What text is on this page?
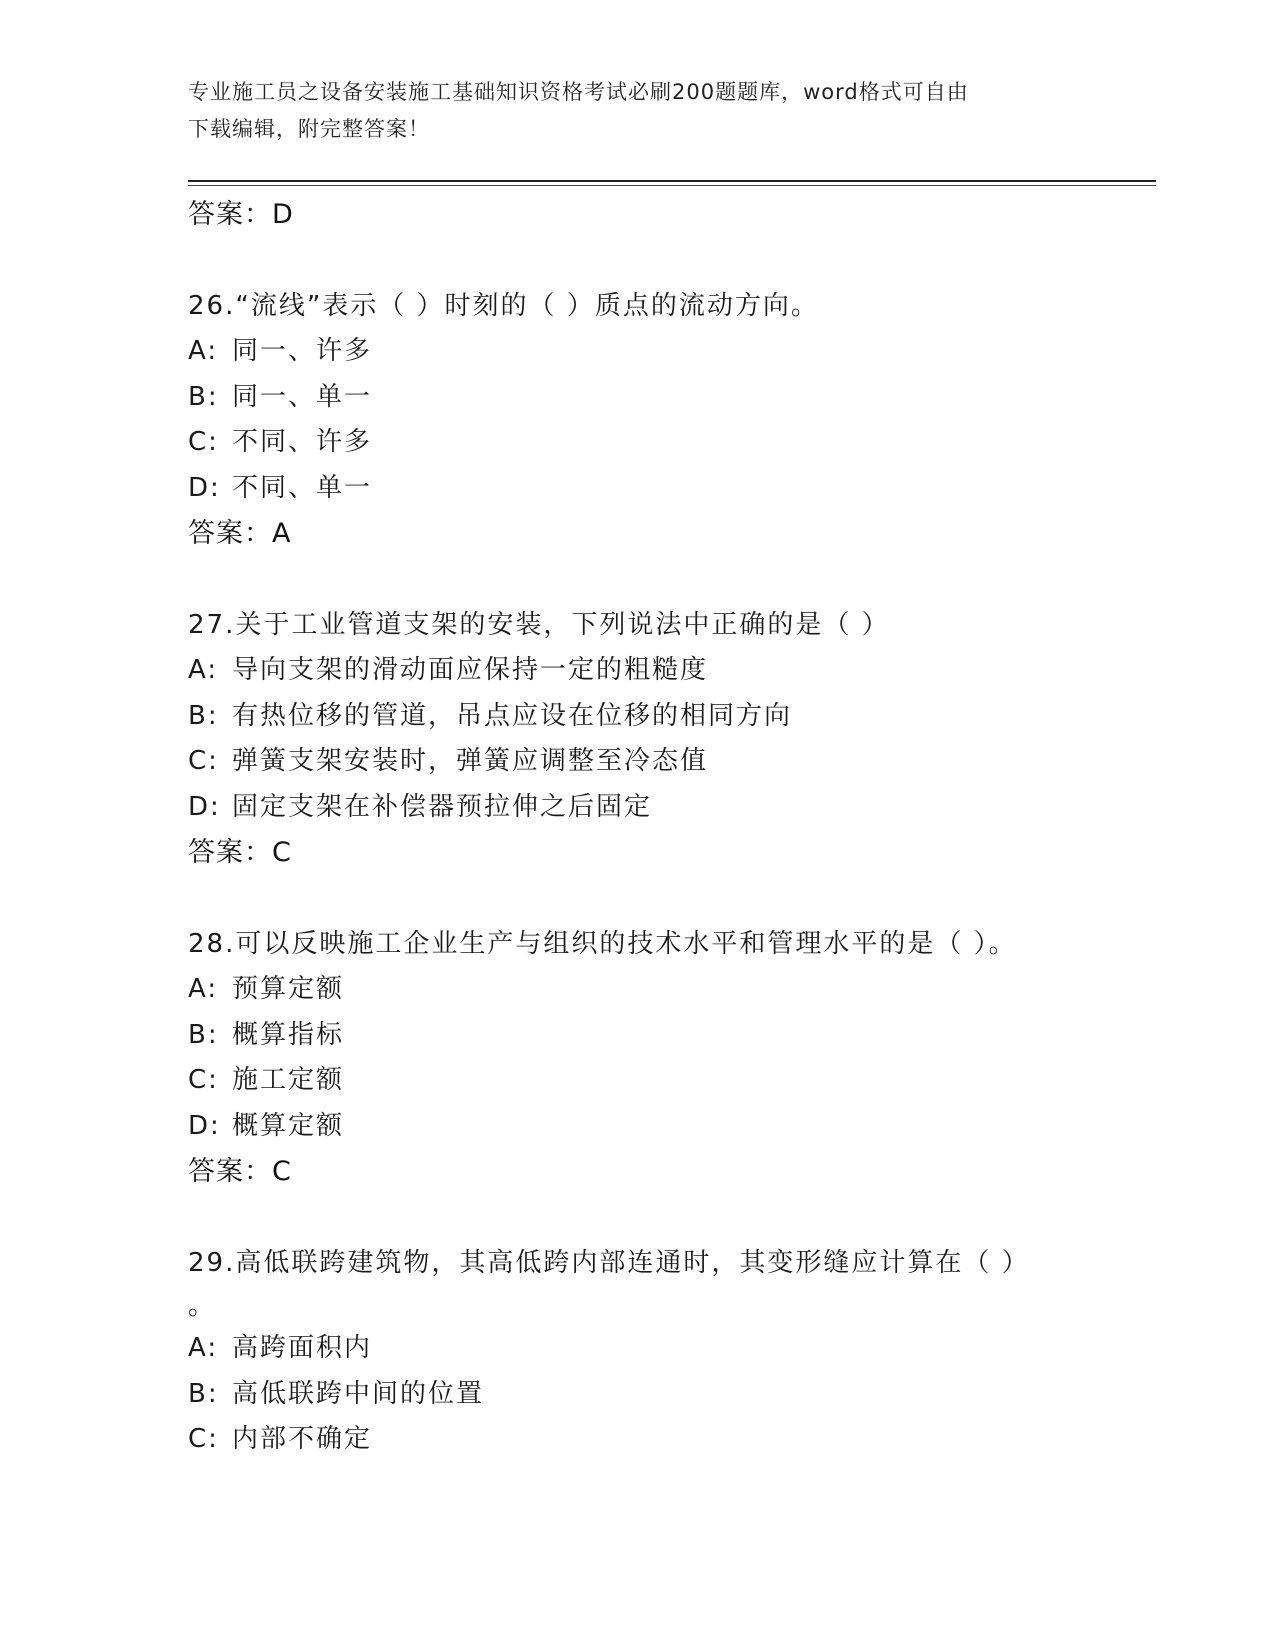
专业施工员之设备安装施工基础知识资格考试必刷200题题库，word格式可自由
下载编辑，附完整答案！
答案：D
26.“流线”表示（ ）时刻的（ ）质点的流动方向。
A: 同一、许多
B: 同一、单一
C: 不同、许多
D: 不同、单一
答案：A
27.关于工业管道支架的安装，下列说法中正确的是（ ）
A: 导向支架的滑动面应保持一定的粗糙度
B: 有热位移的管道，吊点应设在位移的相同方向
C: 弹簧支架安装时，弹簧应调整至冷态值
D: 固定支架在补偿器预拉伸之后固定
答案：C
28.可以反映施工企业生产与组织的技术水平和管理水平的是（ ）。
A: 预算定额
B: 概算指标
C: 施工定额
D: 概算定额
答案：C
29.高低联跨建筑物，其高低跨内部连通时，其变形缝应计算在（ ）
。
A: 高跨面积内
B: 高低联跨中间的位置
C: 内部不确定
